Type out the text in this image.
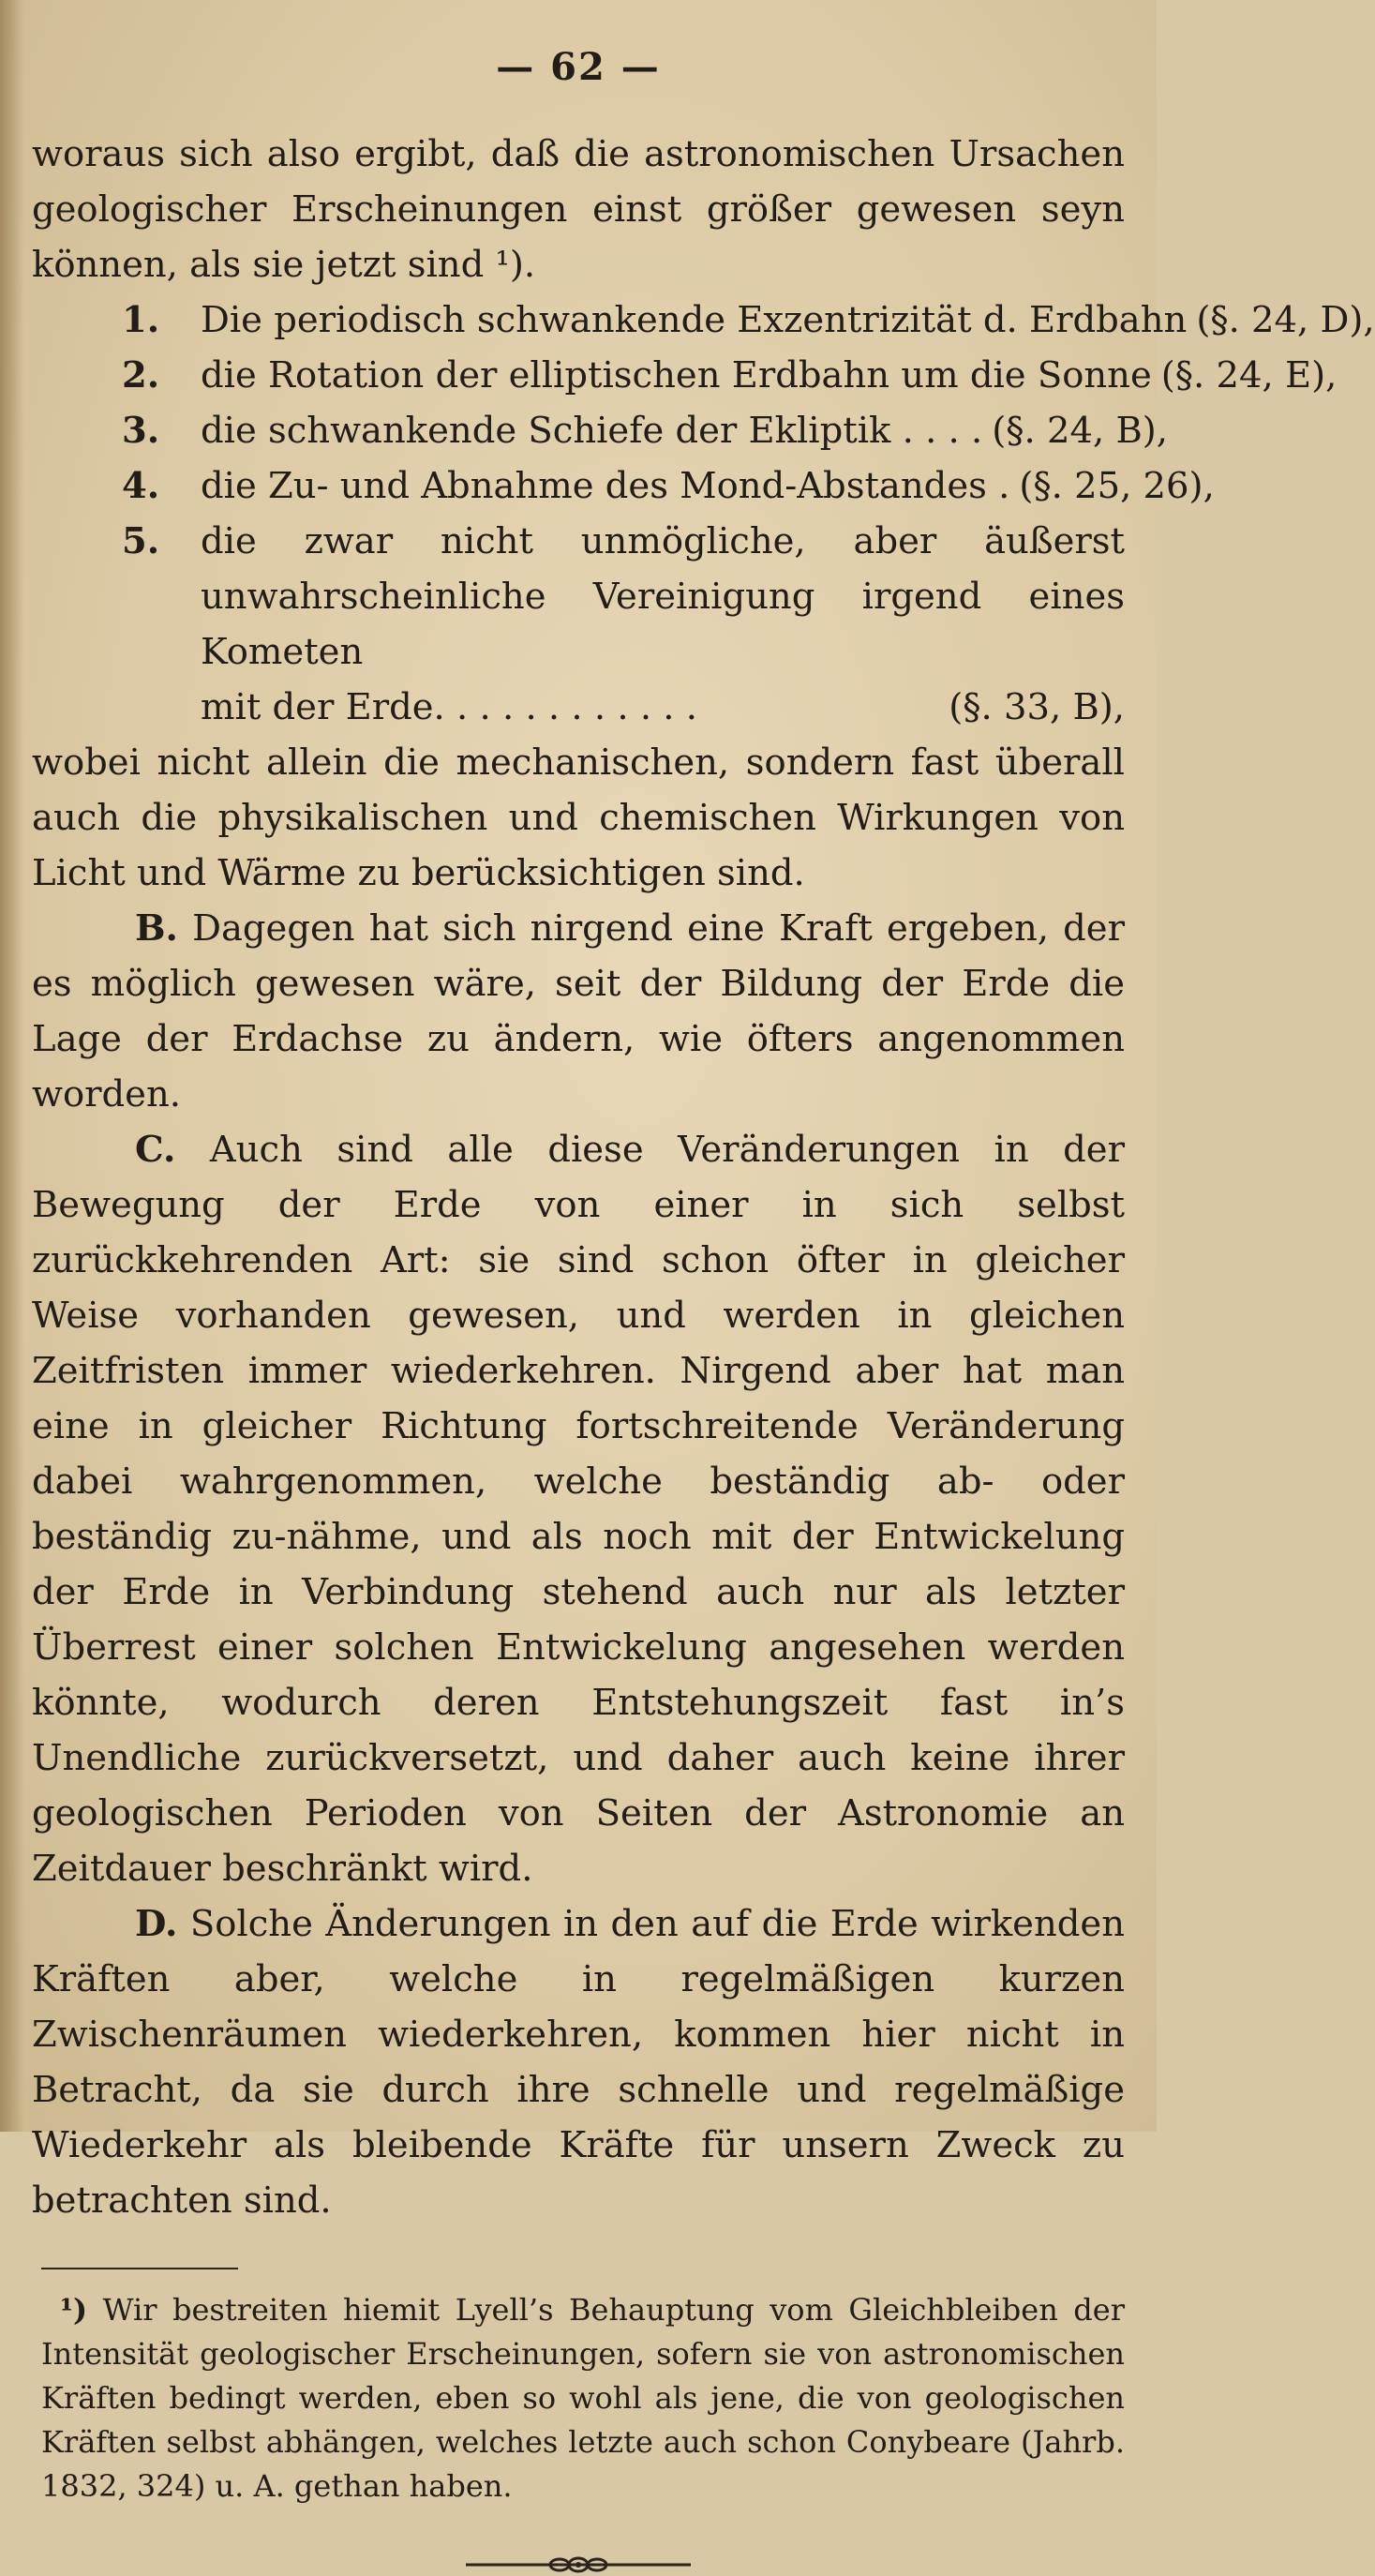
— 62 —

woraus sich also ergibt, daß die astronomischen Ursachen geologischer Erscheinungen einst größer gewesen seyn können, als sie jetzt sind ¹).

1. Die periodisch schwankende Exzentrizität d. Erdbahn (§. 24, D),
2. die Rotation der elliptischen Erdbahn um die Sonne (§. 24, E),
3. die schwankende Schiefe der Ekliptik . . . . (§. 24, B),
4. die Zu- und Abnahme des Mond-Abstandes . (§. 25, 26),
5. die zwar nicht unmögliche, aber äußerst unwahrscheinliche Vereinigung irgend eines Kometen
mit der Erde. . . . . . . . . . . .	(§. 33, B),

wobei nicht allein die mechanischen, sondern fast überall auch die physikalischen und chemischen Wirkungen von Licht und Wärme zu berücksichtigen sind.

B. Dagegen hat sich nirgend eine Kraft ergeben, der es möglich gewesen wäre, seit der Bildung der Erde die Lage der Erdachse zu ändern, wie öfters angenommen worden.

C. Auch sind alle diese Veränderungen in der Bewegung der Erde von einer in sich selbst zurückkehrenden Art: sie sind schon öfter in gleicher Weise vorhanden gewesen, und werden in gleichen Zeitfristen immer wiederkehren. Nirgend aber hat man eine in gleicher Richtung fortschreitende Veränderung dabei wahrgenommen, welche beständig ab- oder beständig zu-nähme, und als noch mit der Entwickelung der Erde in Verbindung stehend auch nur als letzter Überrest einer solchen Entwickelung angesehen werden könnte, wodurch deren Entstehungszeit fast in’s Unendliche zurückversetzt, und daher auch keine ihrer geologischen Perioden von Seiten der Astronomie an Zeitdauer beschränkt wird.

D. Solche Änderungen in den auf die Erde wirkenden Kräften aber, welche in regelmäßigen kurzen Zwischenräumen wiederkehren, kommen hier nicht in Betracht, da sie durch ihre schnelle und regelmäßige Wiederkehr als bleibende Kräfte für unsern Zweck zu betrachten sind.

¹) Wir bestreiten hiemit Lyell’s Behauptung vom Gleichbleiben der Intensität geologischer Erscheinungen, sofern sie von astronomischen Kräften bedingt werden, eben so wohl als jene, die von geologischen Kräften selbst abhängen, welches letzte auch schon Conybeare (Jahrb. 1832, 324) u. A. gethan haben.
